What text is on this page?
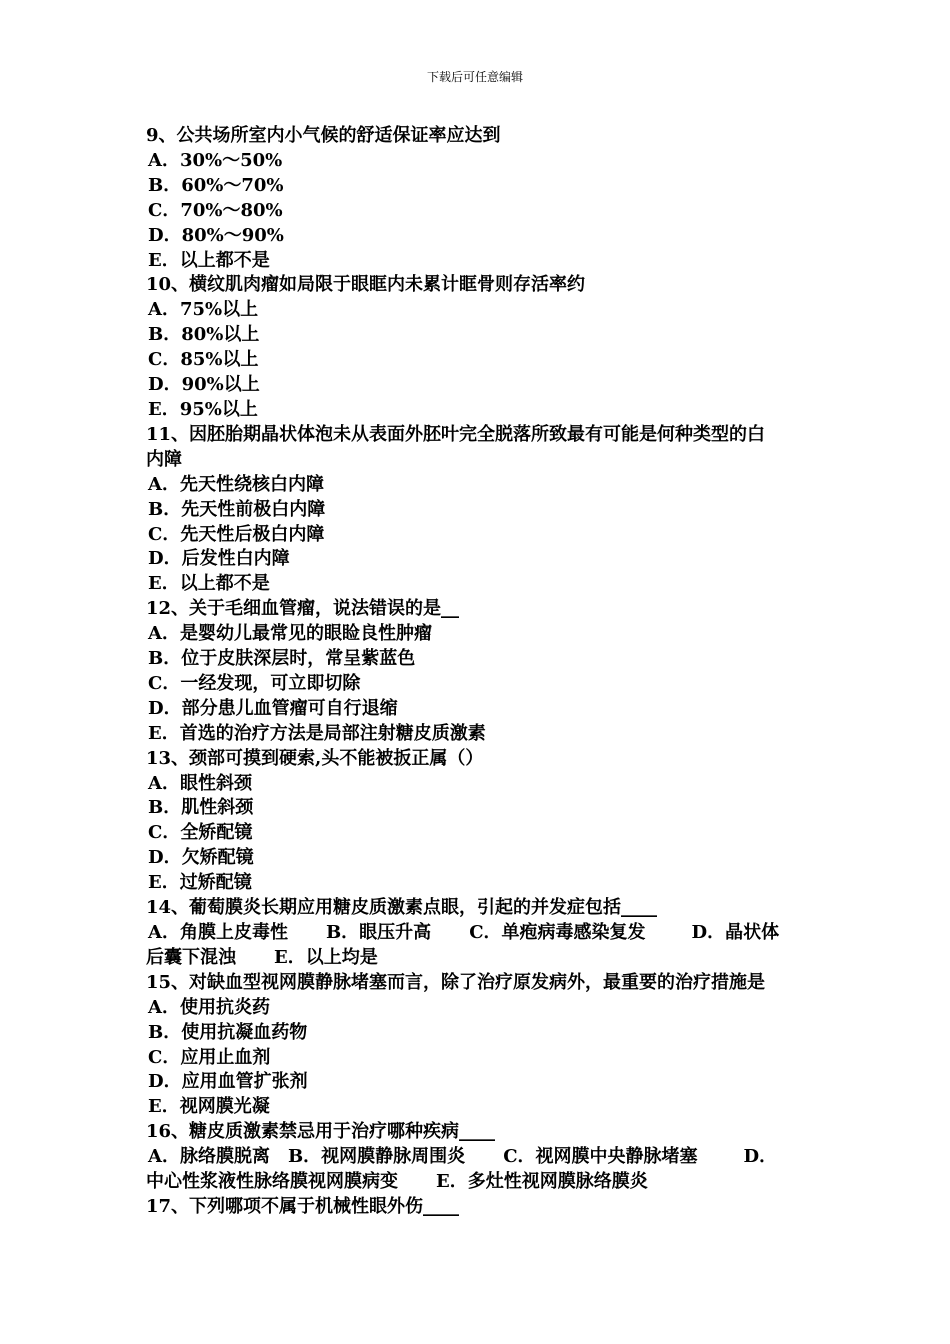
下载后可任意编辑
9、公共场所室内小气候的舒适保证率应达到
A．30%～50%
B．60%～70%
C．70%～80%
D．80%～90%
E．以上都不是
10、横纹肌肉瘤如局限于眼眶内未累计眶骨则存活率约
A．75%以上
B．80%以上
C．85%以上
D．90%以上
E．95%以上
11、因胚胎期晶状体泡未从表面外胚叶完全脱落所致最有可能是何种类型的白
内障
A．先天性绕核白内障
B．先天性前极白内障
C．先天性后极白内障
D．后发性白内障
E．以上都不是
12、关于毛细血管瘤，说法错误的是__
A．是婴幼儿最常见的眼睑良性肿瘤
B．位于皮肤深层时，常呈紫蓝色
C．一经发现，可立即切除
D．部分患儿血管瘤可自行退缩
E．首选的治疗方法是局部注射糖皮质激素
13、颈部可摸到硬索,头不能被扳正属（）
A．眼性斜颈
B．肌性斜颈
C．全矫配镜
D．欠矫配镜
E．过矫配镜
14、葡萄膜炎长期应用糖皮质激素点眼，引起的并发症包括____
A．角膜上皮毒性 B．眼压升高 C．单疱病毒感染复发	D．晶状体
后囊下混浊 E．以上均是
15、对缺血型视网膜静脉堵塞而言，除了治疗原发病外，最重要的治疗措施是
A．使用抗炎药
B．使用抗凝血药物
C．应用止血剂
D．应用血管扩张剂
E．视网膜光凝
16、糖皮质激素禁忌用于治疗哪种疾病____
A．脉络膜脱离 B．视网膜静脉周围炎 C．视网膜中央静脉堵塞	D．
中心性浆液性脉络膜视网膜病变 E．多灶性视网膜脉络膜炎
17、下列哪项不属于机械性眼外伤____
